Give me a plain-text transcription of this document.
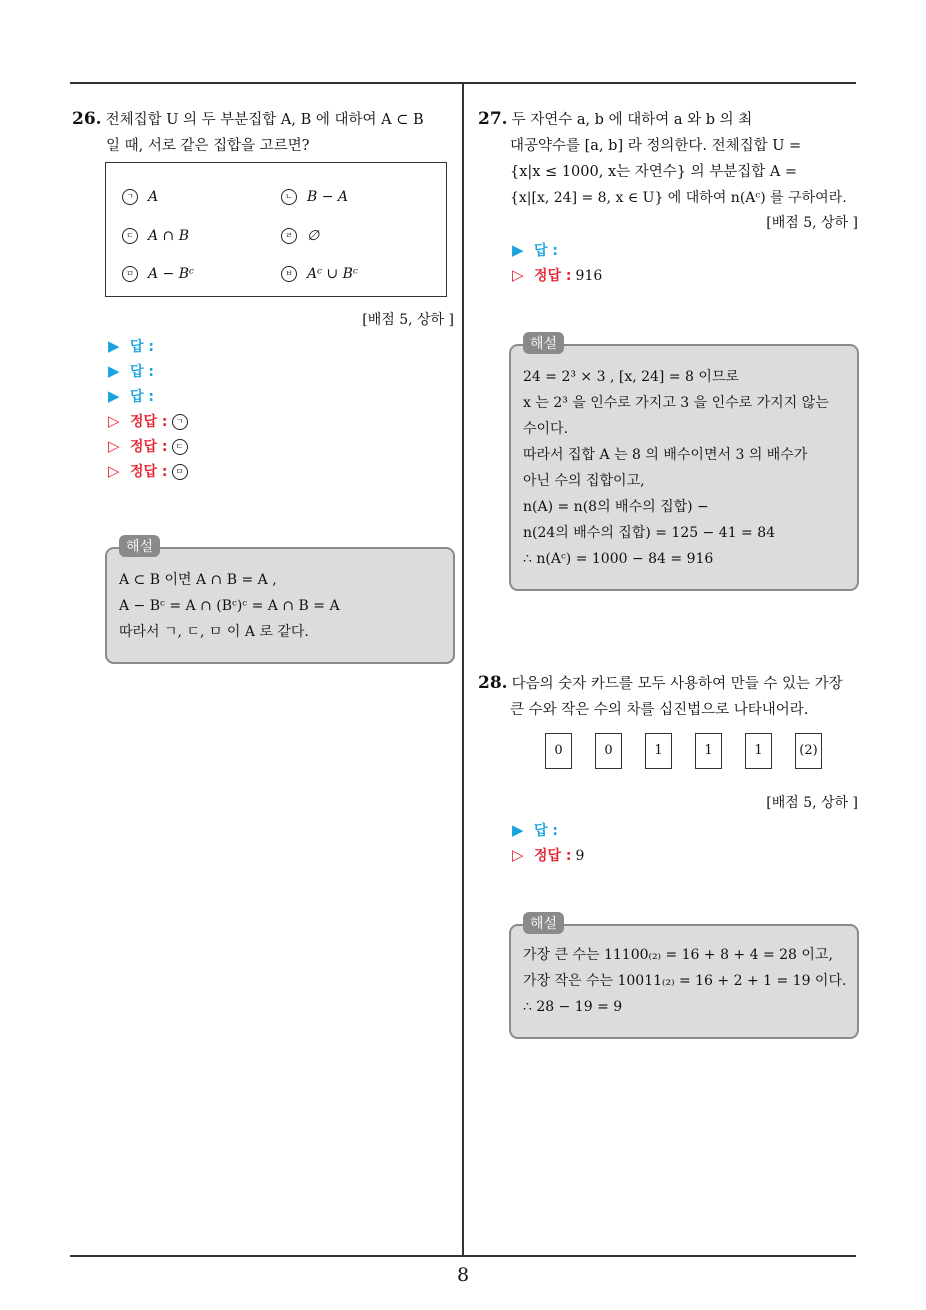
8
26. 전체집합 U 의 두 부분집합 A, B 에 대하여 A ⊂ B
일 때, 서로 같은 집합을 고르면?
ㄱ A	ㄴ B − A
ㄷ A ∩ B	ㄹ ∅
ㅁ A − Bᶜ	ㅂ Aᶜ ∪ Bᶜ
[배점 5, 상하 ]
▶ 답 :
▶ 답 :
▶ 답 :
▷ 정답 : ㄱ
▷ 정답 : ㄷ
▷ 정답 : ㅁ
해설
A ⊂ B 이면 A ∩ B = A ,
A − Bᶜ = A ∩ (Bᶜ)ᶜ = A ∩ B = A
따라서 ㄱ, ㄷ, ㅁ 이 A 로 같다.
27. 두 자연수 a, b 에 대하여 a 와 b 의 최
대공약수를 [a, b] 라 정의한다. 전체집합 U =
{x|x ≤ 1000, x는 자연수} 의 부분집합 A =
{x|[x, 24] = 8, x ∈ U} 에 대하여 n(Aᶜ) 를 구하여라.
[배점 5, 상하 ]
▶ 답 :
▷ 정답 : 916
해설
24 = 2³ × 3 , [x, 24] = 8 이므로
x 는 2³ 을 인수로 가지고 3 을 인수로 가지지 않는
수이다.
따라서 집합 A 는 8 의 배수이면서 3 의 배수가
아닌 수의 집합이고,
n(A) = n(8의 배수의 집합) −
n(24의 배수의 집합) = 125 − 41 = 84
∴ n(Aᶜ) = 1000 − 84 = 916
28. 다음의 숫자 카드를 모두 사용하여 만들 수 있는 가장
큰 수와 작은 수의 차를 십진법으로 나타내어라.
0	0	1	1	1	(2)
[배점 5, 상하 ]
▶ 답 :
▷ 정답 : 9
해설
가장 큰 수는 11100₍₂₎ = 16 + 8 + 4 = 28 이고,
가장 작은 수는 10011₍₂₎ = 16 + 2 + 1 = 19 이다.
∴ 28 − 19 = 9
